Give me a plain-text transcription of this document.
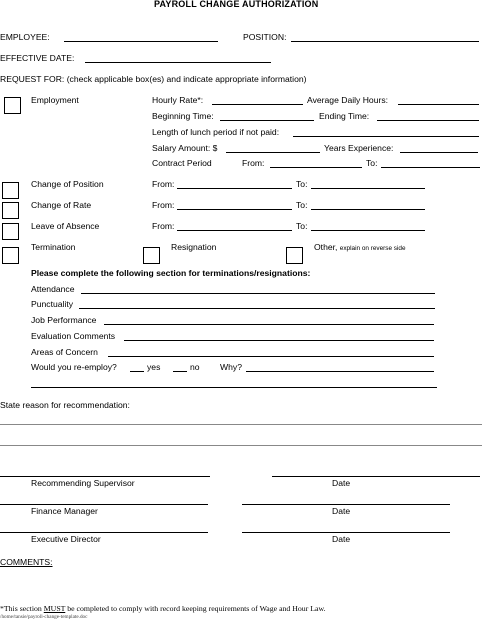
PAYROLL CHANGE AUTHORIZATION
EMPLOYEE:	POSITION:
EFFECTIVE DATE:
REQUEST FOR: (check applicable box(es) and indicate appropriate information)
Employment	Hourly Rate*:	Average Daily Hours:
Beginning Time:	Ending Time:
Length of lunch period if not paid:
Salary Amount: $	Years Experience:
Contract Period	From:	To:
Change of Position	From:	To:
Change of Rate	From:	To:
Leave of Absence	From:	To:
Termination	Resignation	Other, explain on reverse side
Please complete the following section for terminations/resignations:
Attendance
Punctuality
Job Performance
Evaluation Comments
Areas of Concern
Would you re-employ?	yes	no Why?
State reason for recommendation:
Recommending Supervisor	Date
Finance Manager	Date
Executive Director	Date
COMMENTS:
*This section MUST be completed to comply with record keeping requirements of Wage and Hour Law.
/home/tansie/payroll-change-template.doc
